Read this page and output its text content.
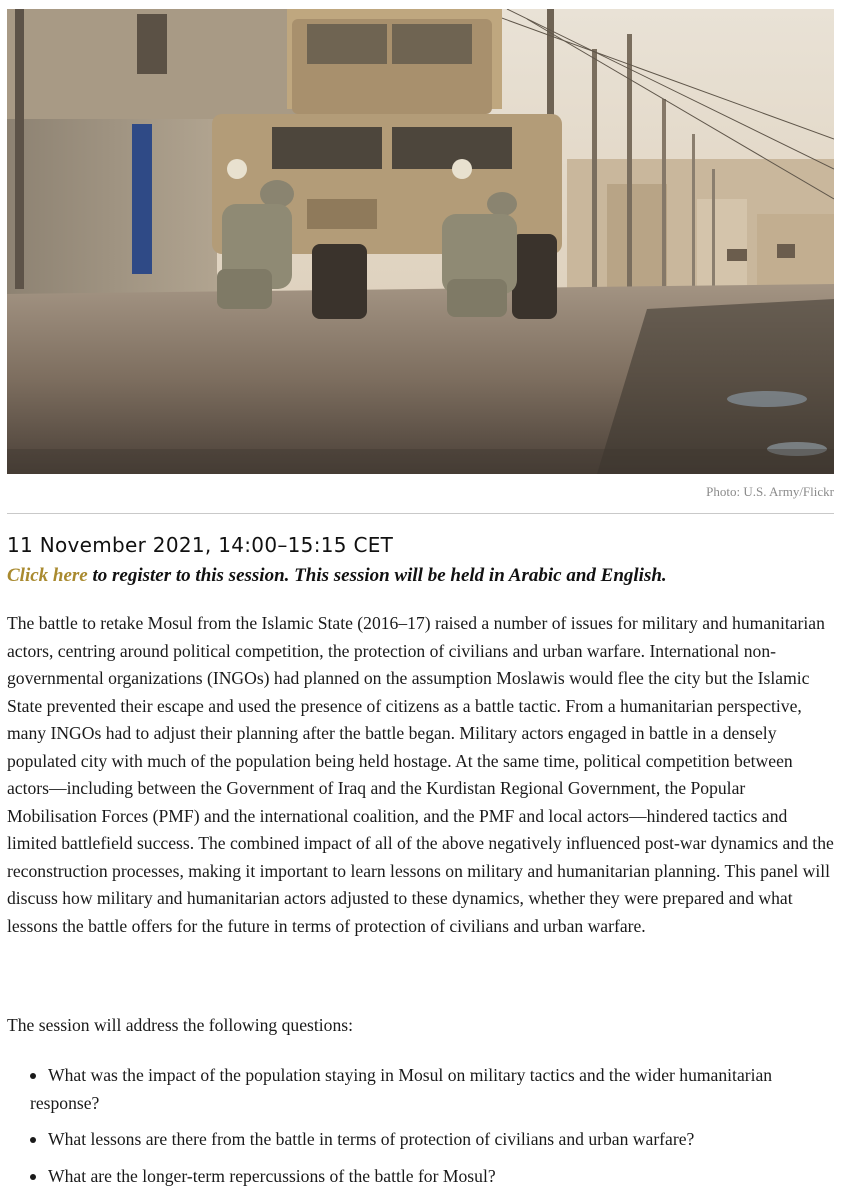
Photo: U.S. Army/Flickr
11 November 2021, 14:00–15:15 CET
Click here to register to this session. This session will be held in Arabic and English.

The battle to retake Mosul from the Islamic State (2016–17) raised a number of issues for military and humanitarian actors, centring around political competition, the protection of civilians and urban warfare. International non-governmental organizations (INGOs) had planned on the assumption Moslawis would flee the city but the Islamic State prevented their escape and used the presence of citizens as a battle tactic. From a humanitarian perspective, many INGOs had to adjust their planning after the battle began. Military actors engaged in battle in a densely populated city with much of the population being held hostage. At the same time, political competition between actors—including between the Government of Iraq and the Kurdistan Regional Government, the Popular Mobilisation Forces (PMF) and the international coalition, and the PMF and local actors—hindered tactics and limited battlefield success. The combined impact of all of the above negatively influenced post-war dynamics and the reconstruction processes, making it important to learn lessons on military and humanitarian planning. This panel will discuss how military and humanitarian actors adjusted to these dynamics, whether they were prepared and what lessons the battle offers for the future in terms of protection of civilians and urban warfare.

The session will address the following questions:

What was the impact of the population staying in Mosul on military tactics and the wider humanitarian response?
What lessons are there from the battle in terms of protection of civilians and urban warfare?
What are the longer-term repercussions of the battle for Mosul?
